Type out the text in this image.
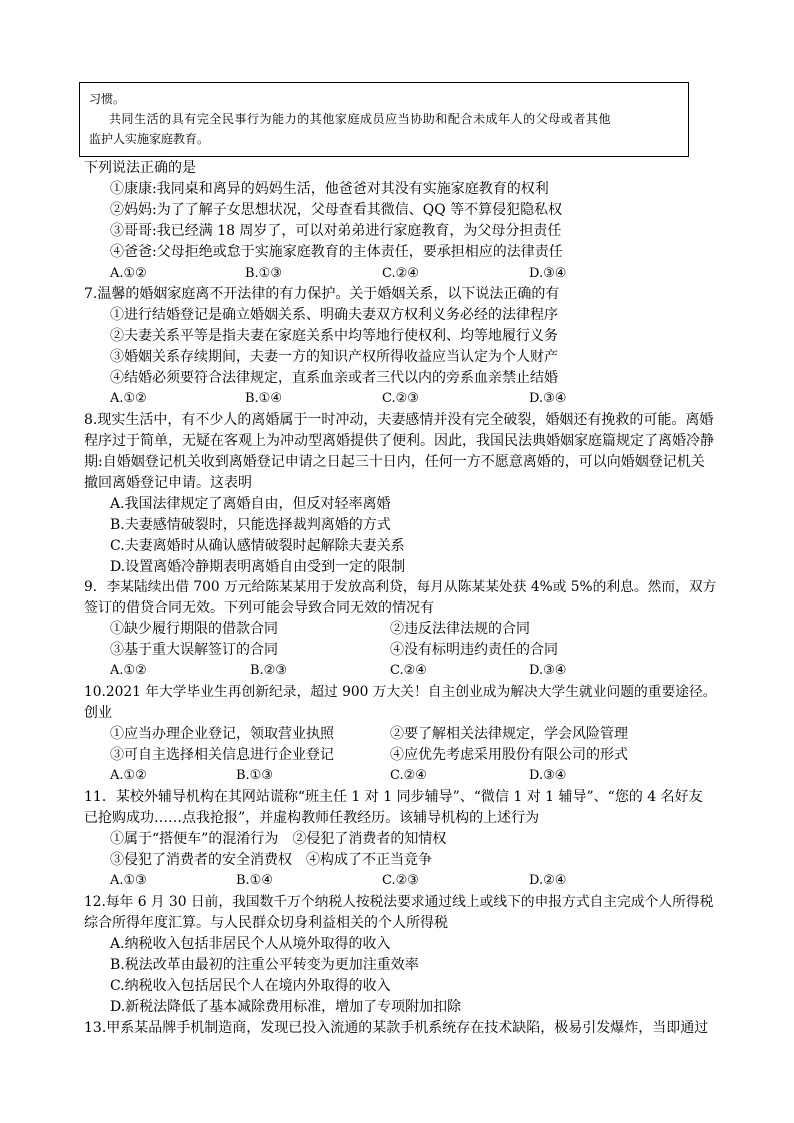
习惯。
共同生活的具有完全民事行为能力的其他家庭成员应当协助和配合未成年人的父母或者其他
监护人实施家庭教育。
下列说法正确的是
①康康:我同桌和离异的妈妈生活，他爸爸对其没有实施家庭教育的权利
②妈妈:为了了解子女思想状况，父母查看其微信、QQ 等不算侵犯隐私权
③哥哥:我已经满 18 周岁了，可以对弟弟进行家庭教育，为父母分担责任
④爸爸:父母拒绝或怠于实施家庭教育的主体责任，要承担相应的法律责任
A.①②	B.①③	C.②④	D.③④
7.温馨的婚姻家庭离不开法律的有力保护。关于婚姻关系，以下说法正确的有
①进行结婚登记是确立婚姻关系、明确夫妻双方权利义务必经的法律程序
②夫妻关系平等是指夫妻在家庭关系中均等地行使权利、均等地履行义务
③婚姻关系存续期间，夫妻一方的知识产权所得收益应当认定为个人财产
④结婚必须要符合法律规定，直系血亲或者三代以内的旁系血亲禁止结婚
A.①②	B.①④	C.②③	D.③④
8.现实生活中，有不少人的离婚属于一时冲动，夫妻感情并没有完全破裂，婚姻还有挽救的可能。离婚
程序过于简单，无疑在客观上为冲动型离婚提供了便利。因此，我国民法典婚姻家庭篇规定了离婚冷静
期:自婚姻登记机关收到离婚登记申请之日起三十日内，任何一方不愿意离婚的，可以向婚姻登记机关
撤回离婚登记申请。这表明
A.我国法律规定了离婚自由，但反对轻率离婚
B.夫妻感情破裂时，只能选择裁判离婚的方式
C.夫妻离婚时从确认感情破裂时起解除夫妻关系
D.设置离婚冷静期表明离婚自由受到一定的限制
9．李某陆续出借 700 万元给陈某某用于发放高利贷，每月从陈某某处获 4%或 5%的利息。然而，双方
签订的借贷合同无效。下列可能会导致合同无效的情况有
①缺少履行期限的借款合同	②违反法律法规的合同
③基于重大误解签订的合同	④没有标明违约责任的合同
A.①②	B.②③	C.②④	D.③④
10.2021 年大学毕业生再创新纪录，超过 900 万大关！自主创业成为解决大学生就业问题的重要途径。
创业
①应当办理企业登记，领取营业执照	②要了解相关法律规定，学会风险管理
③可自主选择相关信息进行企业登记	④应优先考虑采用股份有限公司的形式
A.①②	B.①③	C.②④	D.③④
11．某校外辅导机构在其网站谎称“班主任 1 对 1 同步辅导”、“微信 1 对 1 辅导”、“您的 4 名好友
已抢购成功……点我抢报”，并虚构教师任教经历。该辅导机构的上述行为
①属于“搭便车”的混淆行为　②侵犯了消费者的知情权
③侵犯了消费者的安全消费权　④构成了不正当竞争
A.①③	B.①④	C.②③	D.②④
12.每年 6 月 30 日前，我国数千万个纳税人按税法要求通过线上或线下的申报方式自主完成个人所得税
综合所得年度汇算。与人民群众切身利益相关的个人所得税
A.纳税收入包括非居民个人从境外取得的收入
B.税法改革由最初的注重公平转变为更加注重效率
C.纳税收入包括居民个人在境内外取得的收入
D.新税法降低了基本减除费用标准，增加了专项附加扣除
13.甲系某品牌手机制造商，发现已投入流通的某款手机系统存在技术缺陷，极易引发爆炸，当即通过
